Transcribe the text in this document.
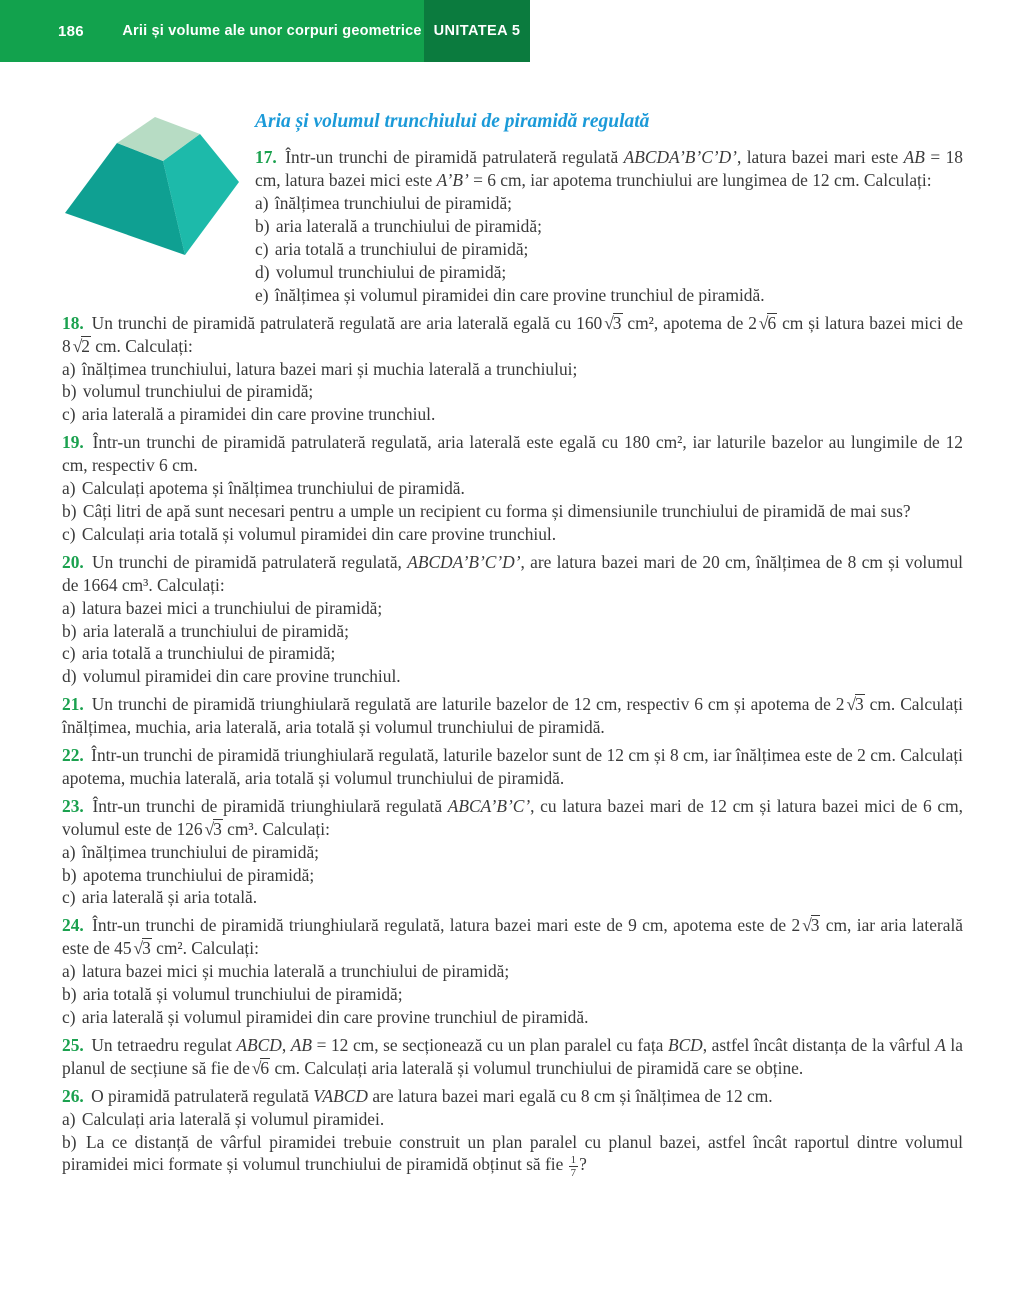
186	Arii și volume ale unor corpuri geometrice UNITATEA 5
Aria și volumul trunchiului de piramidă regulată

17. Într-un trunchi de piramidă patrulateră regulată ABCDA’B’C’D’, latura bazei mari este AB = 18 cm, latura bazei mici este A’B’ = 6 cm, iar apotema trunchiului are lungimea de 12 cm. Calculați:

a) înălțimea trunchiului de piramidă;

b) aria laterală a trunchiului de piramidă;

c) aria totală a trunchiului de piramidă;

d) volumul trunchiului de piramidă;

e) înălțimea și volumul piramidei din care provine trunchiul de piramidă.

18. Un trunchi de piramidă patrulateră regulată are aria laterală egală cu 160 √3 cm², apotema de 2 √6 cm și latura bazei mici de 8 √2 cm. Calculați:

a) înălțimea trunchiului, latura bazei mari și muchia laterală a trunchiului;

b) volumul trunchiului de piramidă;

c) aria laterală a piramidei din care provine trunchiul.

19. Într-un trunchi de piramidă patrulateră regulată, aria laterală este egală cu 180 cm², iar laturile bazelor au lungimile de 12 cm, respectiv 6 cm.

a) Calculați apotema și înălțimea trunchiului de piramidă.

b) Câți litri de apă sunt necesari pentru a umple un recipient cu forma și dimensiunile trunchiului de piramidă de mai sus?

c) Calculați aria totală și volumul piramidei din care provine trunchiul.

20. Un trunchi de piramidă patrulateră regulată, ABCDA’B’C’D’, are latura bazei mari de 20 cm, înălțimea de 8 cm și volumul de 1664 cm³. Calculați:

a) latura bazei mici a trunchiului de piramidă;

b) aria laterală a trunchiului de piramidă;

c) aria totală a trunchiului de piramidă;

d) volumul piramidei din care provine trunchiul.

21. Un trunchi de piramidă triunghiulară regulată are laturile bazelor de 12 cm, respectiv 6 cm și apotema de 2 √3 cm. Calculați înălțimea, muchia, aria laterală, aria totală și volumul trunchiului de piramidă.

22. Într-un trunchi de piramidă triunghiulară regulată, laturile bazelor sunt de 12 cm și 8 cm, iar înălțimea este de 2 cm. Calculați apotema, muchia laterală, aria totală și volumul trunchiului de piramidă.

23. Într-un trunchi de piramidă triunghiulară regulată ABCA’B’C’, cu latura bazei mari de 12 cm și latura bazei mici de 6 cm, volumul este de 126 √3 cm³. Calculați:

a) înălțimea trunchiului de piramidă;

b) apotema trunchiului de piramidă;

c) aria laterală și aria totală.

24. Într-un trunchi de piramidă triunghiulară regulată, latura bazei mari este de 9 cm, apotema este de 2 √3 cm, iar aria laterală este de 45 √3 cm². Calculați:

a) latura bazei mici și muchia laterală a trunchiului de piramidă;

b) aria totală și volumul trunchiului de piramidă;

c) aria laterală și volumul piramidei din care provine trunchiul de piramidă.

25. Un tetraedru regulat ABCD, AB = 12 cm, se secționează cu un plan paralel cu fața BCD, astfel încât distanța de la vârful A la planul de secțiune să fie de √6 cm. Calculați aria laterală și volumul trunchiului de piramidă care se obține.

26. O piramidă patrulateră regulată VABCD are latura bazei mari egală cu 8 cm și înălțimea de 12 cm.

a) Calculați aria laterală și volumul piramidei.

b) La ce distanță de vârful piramidei trebuie construit un plan paralel cu planul bazei, astfel încât raportul dintre volumul piramidei mici formate și volumul trunchiului de piramidă obținut să fie $\frac{1}{7}$ ?
